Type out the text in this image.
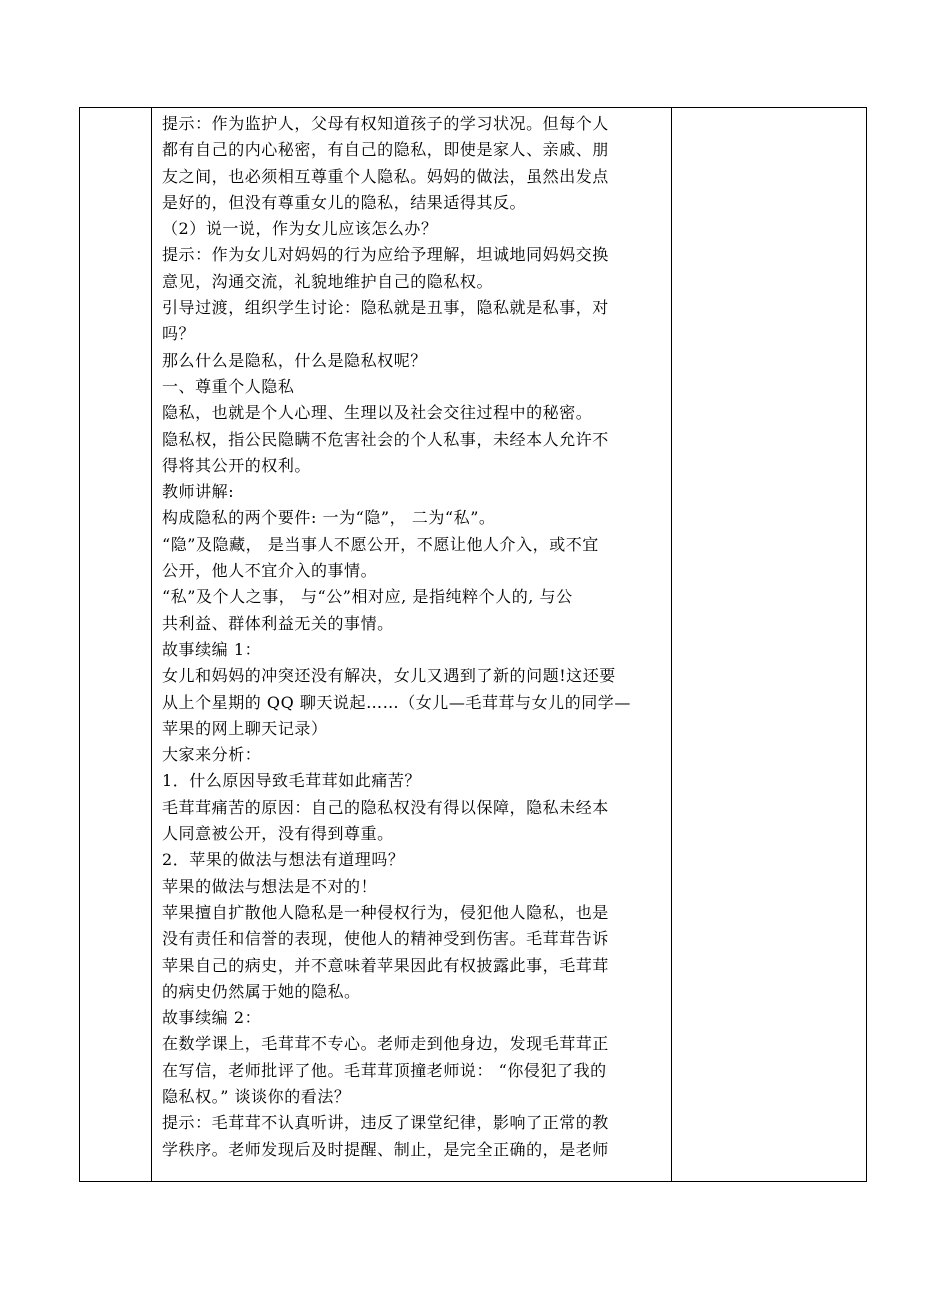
提示：作为监护人，父母有权知道孩子的学习状况。但每个人
都有自己的内心秘密，有自己的隐私，即使是家人、亲戚、朋
友之间，也必须相互尊重个人隐私。妈妈的做法，虽然出发点
是好的，但没有尊重女儿的隐私，结果适得其反。
（2）说一说，作为女儿应该怎么办？
提示：作为女儿对妈妈的行为应给予理解，坦诚地同妈妈交换
意见，沟通交流，礼貌地维护自己的隐私权。
引导过渡，组织学生讨论：隐私就是丑事，隐私就是私事，对
吗？
那么什么是隐私，什么是隐私权呢？
一、尊重个人隐私
隐私，也就是个人心理、生理以及社会交往过程中的秘密。
隐私权，指公民隐瞒不危害社会的个人私事，未经本人允许不
得将其公开的权利。
教师讲解:
构成隐私的两个要件: 一为“隐”， 二为“私”。
“隐”及隐藏， 是当事人不愿公开，不愿让他人介入，或不宜
公开，他人不宜介入的事情。
“私”及个人之事， 与“公”相对应, 是指纯粹个人的, 与公
共利益、群体利益无关的事情。
故事续编 1：
女儿和妈妈的冲突还没有解决，女儿又遇到了新的问题!这还要
从上个星期的 QQ 聊天说起……（女儿—毛茸茸与女儿的同学—
苹果的网上聊天记录）
大家来分析：
1．什么原因导致毛茸茸如此痛苦？
毛茸茸痛苦的原因：自己的隐私权没有得以保障，隐私未经本
人同意被公开，没有得到尊重。
2．苹果的做法与想法有道理吗？
苹果的做法与想法是不对的！
苹果擅自扩散他人隐私是一种侵权行为，侵犯他人隐私，也是
没有责任和信誉的表现，使他人的精神受到伤害。毛茸茸告诉
苹果自己的病史，并不意味着苹果因此有权披露此事，毛茸茸
的病史仍然属于她的隐私。
故事续编 2：
在数学课上，毛茸茸不专心。老师走到他身边，发现毛茸茸正
在写信，老师批评了他。毛茸茸顶撞老师说： “你侵犯了我的
隐私权。” 谈谈你的看法？
提示：毛茸茸不认真听讲，违反了课堂纪律，影响了正常的教
学秩序。老师发现后及时提醒、制止，是完全正确的，是老师
